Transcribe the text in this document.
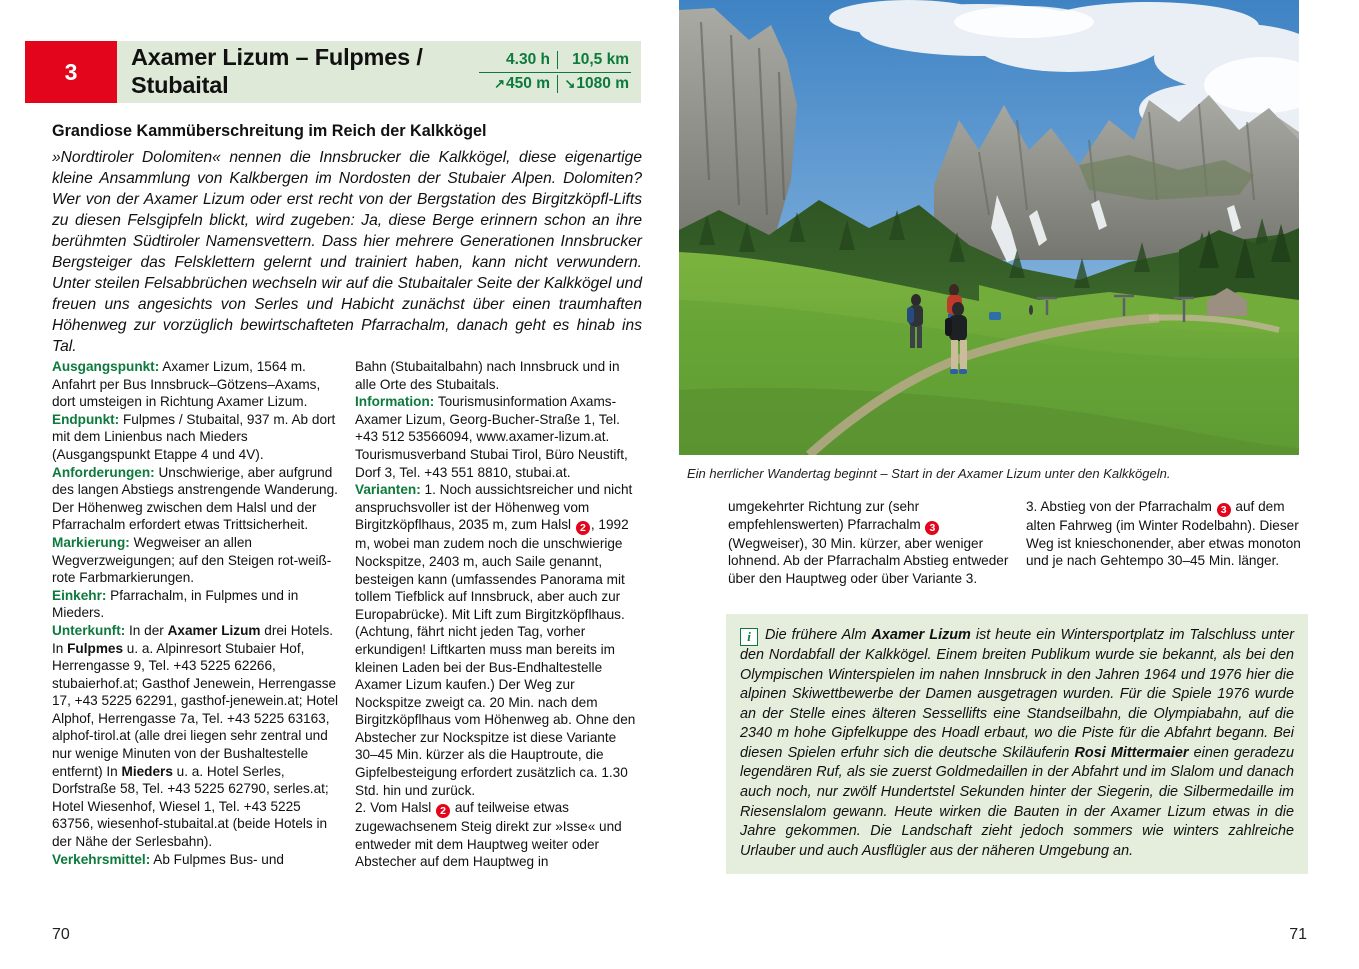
3
Axamer Lizum – Fulpmes / Stubaital
4.30 h	10,5 km
↗450 m	↘1080 m
Grandiose Kammüberschreitung im Reich der Kalkkögel
»Nordtiroler Dolomiten« nennen die Innsbrucker die Kalkkögel, diese eigenartige kleine Ansammlung von Kalkbergen im Nordosten der Stubaier Alpen. Dolomiten? Wer von der Axamer Lizum oder erst recht von der Bergstation des Birgitzköpfl-Lifts zu diesen Felsgipfeln blickt, wird zugeben: Ja, diese Berge erinnern schon an ihre berühmten Südtiroler Namensvettern. Dass hier mehrere Generationen Innsbrucker Bergsteiger das Felsklettern gelernt und trainiert haben, kann nicht verwundern. Unter steilen Felsabbrüchen wechseln wir auf die Stubaitaler Seite der Kalkkögel und freuen uns angesichts von Serles und Habicht zunächst über einen traumhaften Höhenweg zur vorzüglich bewirtschafteten Pfarrachalm, danach geht es hinab ins Tal.

Ausgangspunkt: Axamer Lizum, 1564 m. Anfahrt per Bus Innsbruck–Götzens–Axams, dort umsteigen in Richtung Axamer Lizum.

Endpunkt: Fulpmes / Stubaital, 937 m. Ab dort mit dem Linienbus nach Mieders (Ausgangspunkt Etappe 4 und 4V).

Anforderungen: Unschwierige, aber aufgrund des langen Abstiegs anstrengende Wanderung. Der Höhenweg zwischen dem Halsl und der Pfarrachalm erfordert etwas Trittsicherheit.

Markierung: Wegweiser an allen Wegverzweigungen; auf den Steigen rot-weiß-rote Farbmarkierungen.

Einkehr: Pfarrachalm, in Fulpmes und in Mieders.

Unterkunft: In der Axamer Lizum drei Hotels. In Fulpmes u. a. Alpinresort Stubaier Hof, Herrengasse 9, Tel. +43 5225 62266, stubaierhof.at; Gasthof Jenewein, Herrengasse 17, +43 5225 62291, gasthof-jenewein.at; Hotel Alphof, Herrengasse 7a, Tel. +43 5225 63163, alphof-tirol.at (alle drei liegen sehr zentral und nur wenige Minuten von der Bushaltestelle entfernt) In Mieders u. a. Hotel Serles, Dorfstraße 58, Tel. +43 5225 62790, serles.at; Hotel Wiesenhof, Wiesel 1, Tel. +43 5225 63756, wiesenhof-stubaital.at (beide Hotels in der Nähe der Serlesbahn).

Verkehrsmittel: Ab Fulpmes Bus- und

Bahn (Stubaitalbahn) nach Innsbruck und in alle Orte des Stubaitals.

Information: Tourismusinformation Axams-Axamer Lizum, Georg-Bucher-Straße 1, Tel. +43 512 53566094, www.axamer-lizum.at. Tourismusverband Stubai Tirol, Büro Neustift, Dorf 3, Tel. +43 551 8810, stubai.at.

Varianten: 1. Noch aussichtsreicher und nicht anspruchsvoller ist der Höhenweg vom Birgitzköpflhaus, 2035 m, zum Halsl 2 , 1992 m, wobei man zudem noch die unschwierige Nockspitze, 2403 m, auch Saile genannt, besteigen kann (umfassendes Panorama mit tollem Tiefblick auf Innsbruck, aber auch zur Europabrücke). Mit Lift zum Birgitzköpflhaus. (Achtung, fährt nicht jeden Tag, vorher erkundigen! Liftkarten muss man bereits im kleinen Laden bei der Bus-Endhaltestelle Axamer Lizum kaufen.) Der Weg zur Nockspitze zweigt ca. 20 Min. nach dem Birgitzköpflhaus vom Höhenweg ab. Ohne den Abstecher zur Nockspitze ist diese Variante 30–45 Min. kürzer als die Hauptroute, die Gipfelbesteigung erfordert zusätzlich ca. 1.30 Std. hin und zurück.

2. Vom Halsl 2 auf teilweise etwas zugewachsenem Steig direkt zur »Isse« und entweder mit dem Hauptweg weiter oder Abstecher auf dem Hauptweg in

70
Ein herrlicher Wandertag beginnt – Start in der Axamer Lizum unter den Kalkkögeln.

umgekehrter Richtung zur (sehr empfehlenswerten) Pfarrachalm 3 (Wegweiser), 30 Min. kürzer, aber weniger lohnend. Ab der Pfarrachalm Abstieg entweder über den Hauptweg oder über Variante 3.

3. Abstieg von der Pfarrachalm 3 auf dem alten Fahrweg (im Winter Rodelbahn). Dieser Weg ist knieschonender, aber etwas monoton und je nach Gehtempo 30–45 Min. länger.

i Die frühere Alm Axamer Lizum ist heute ein Wintersportplatz im Talschluss unter den Nordabfall der Kalkkögel. Einem breiten Publikum wurde sie bekannt, als bei den Olympischen Winterspielen im nahen Innsbruck in den Jahren 1964 und 1976 hier die alpinen Skiwettbewerbe der Damen ausgetragen wurden. Für die Spiele 1976 wurde an der Stelle eines älteren Sessellifts eine Standseilbahn, die Olympiabahn, auf die 2340 m hohe Gipfelkuppe des Hoadl erbaut, wo die Piste für die Abfahrt begann. Bei diesen Spielen erfuhr sich die deutsche Skiläuferin Rosi Mittermaier einen geradezu legendären Ruf, als sie zuerst Goldmedaillen in der Abfahrt und im Slalom und danach auch noch, nur zwölf Hundertstel Sekunden hinter der Siegerin, die Silbermedaille im Riesenslalom gewann. Heute wirken die Bauten in der Axamer Lizum etwas in die Jahre gekommen. Die Landschaft zieht jedoch sommers wie winters zahlreiche Urlauber und auch Ausflügler aus der näheren Umgebung an.
71
